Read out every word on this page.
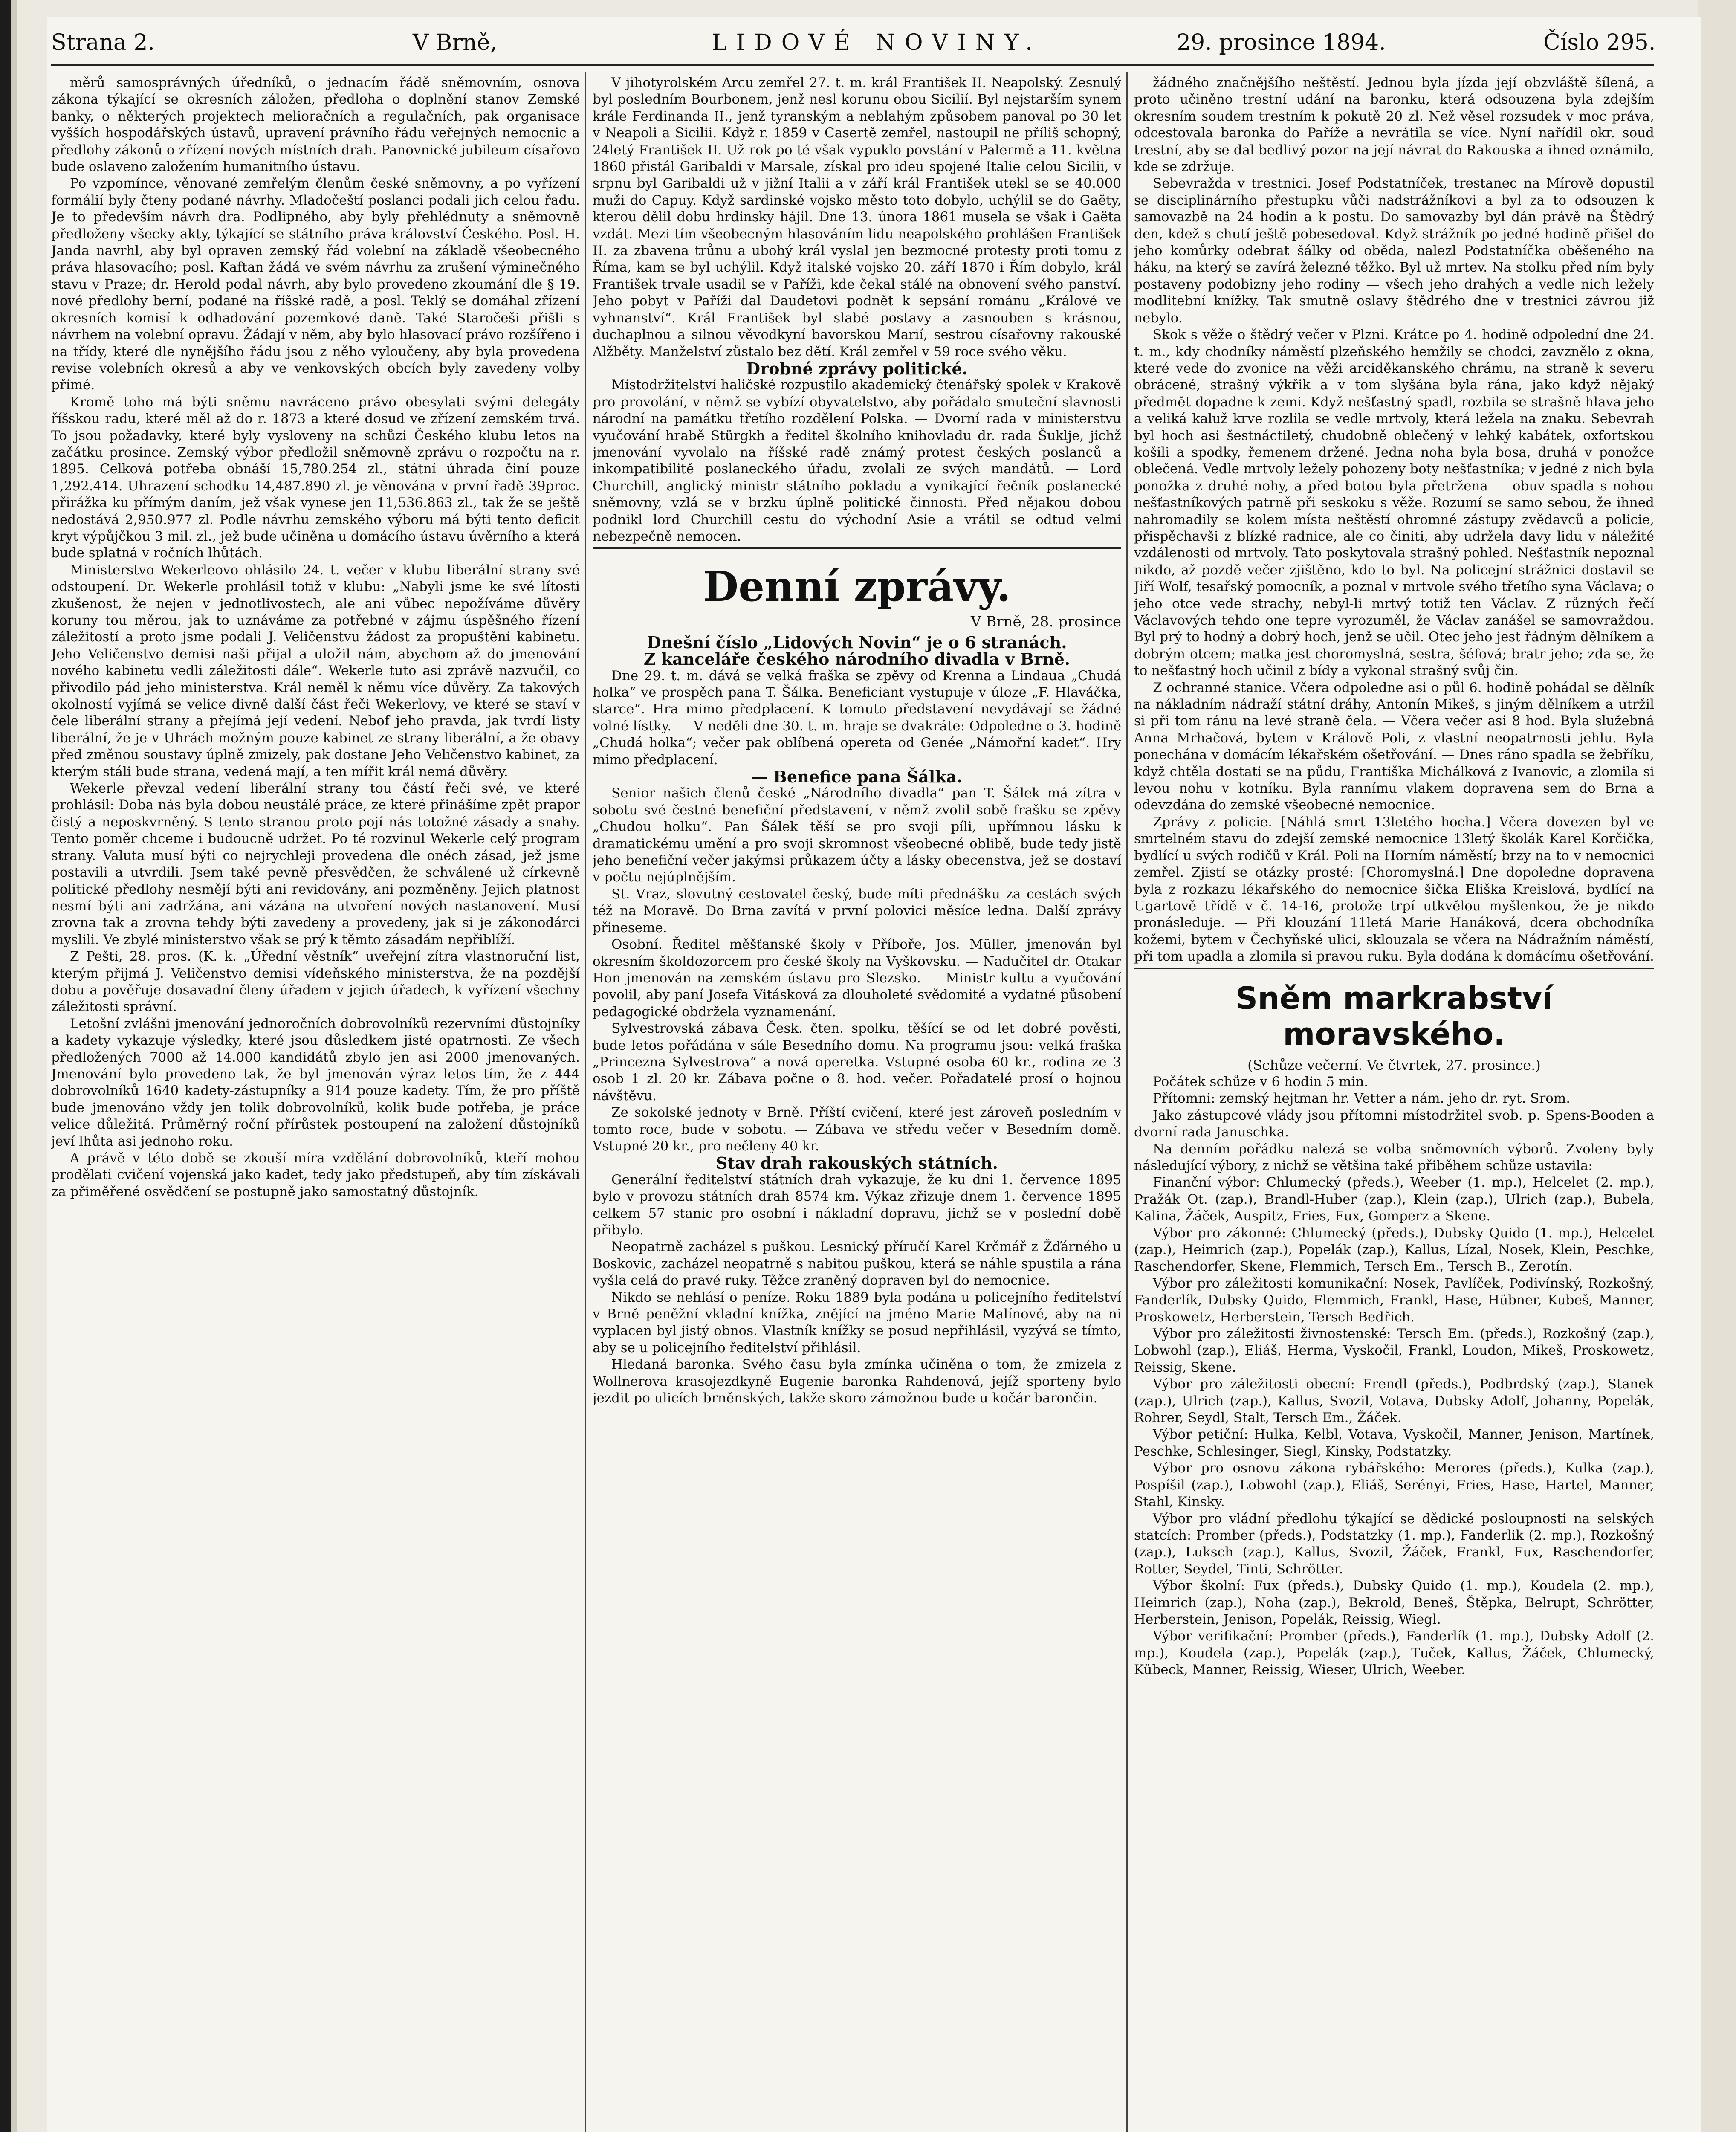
Strana 2.	V Brně,	LIDOVÉ NOVINY.	29. prosince 1894.	Číslo 295.

měrů samosprávných úředníků, o jednacím řádě sněmovním, osnova zákona týkající se okresních záložen, předloha o doplnění stanov Zemské banky, o některých projektech melioračních a regulačních, pak organisace vyšších hospodářských ústavů, upravení právního řádu veřejných nemocnic a předlohy zákonů o zřízení nových místních drah. Panovnické jubileum císařovo bude oslaveno založením humanitního ústavu.

Po vzpomínce, věnované zemřelým členům české sněmovny, a po vyřízení formálií byly čteny podané návrhy. Mladočeští poslanci podali jich celou řadu. Je to především návrh dra. Podlipného, aby byly přehlédnuty a sněmovně předloženy všecky akty, týkající se státního práva království Českého. Posl. H. Janda navrhl, aby byl opraven zemský řád volební na základě všeobecného práva hlasovacího; posl. Kaftan žádá ve svém návrhu za zrušení výminečného stavu v Praze; dr. Herold podal návrh, aby bylo provedeno zkoumání dle § 19. nové předlohy berní, podané na říšské radě, a posl. Teklý se domáhal zřízení okresních komisí k odhadování pozemkové daně. Také Staročeši přišli s návrhem na volební opravu. Žádají v něm, aby bylo hlasovací právo rozšířeno i na třídy, které dle nynějšího řádu jsou z něho vyloučeny, aby byla provedena revise volebních okresů a aby ve venkovských obcích byly zavedeny volby přímé.

Kromě toho má býti sněmu navráceno právo obesylati svými delegáty říšskou radu, které měl až do r. 1873 a které dosud ve zřízení zemském trvá. To jsou požadavky, které byly vysloveny na schůzi Českého klubu letos na začátku prosince. Zemský výbor předložil sněmovně zprávu o rozpočtu na r. 1895. Celková potřeba obnáší 15,780.254 zl., státní úhrada činí pouze 1,292.414. Uhrazení schodku 14,487.890 zl. je věnována v první řadě 39proc. přirážka ku přímým daním, jež však vynese jen 11,536.863 zl., tak že se ještě nedostává 2,950.977 zl. Podle návrhu zemského výboru má býti tento deficit kryt výpůjčkou 3 mil. zl., jež bude učiněna u domácího ústavu úvěrního a která bude splatná v ročních lhůtách.

Ministerstvo Wekerleovo ohlásilo 24. t. večer v klubu liberální strany své odstoupení. Dr. Wekerle prohlásil totiž v klubu: „Nabyli jsme ke své lítosti zkušenost, že nejen v jednotlivostech, ale ani vůbec nepožíváme důvěry koruny tou měrou, jak to uznáváme za potřebné v zájmu úspěšného řízení záležitostí a proto jsme podali J. Veličenstvu žádost za propuštění kabinetu. Jeho Veličenstvo demisi naši přijal a uložil nám, abychom až do jmenování nového kabinetu vedli záležitosti dále“. Wekerle tuto asi zprávě nazvučil, co přivodilo pád jeho ministerstva. Král neměl k němu více důvěry. Za takových okolností vyjímá se velice divně další část řeči Wekerlovy, ve které se staví v čele liberální strany a přejímá její vedení. Nebof jeho pravda, jak tvrdí listy liberální, že je v Uhrách možným pouze kabinet ze strany liberální, a že obavy před změnou soustavy úplně zmizely, pak dostane Jeho Veličenstvo kabinet, za kterým stáli bude strana, vedená mají, a ten mířit král nemá důvěry.

Wekerle převzal vedení liberální strany tou částí řeči své, ve které prohlásil: Doba nás byla dobou neustálé práce, ze které přinášíme zpět prapor čistý a neposkvrněný. S tento stranou proto pojí nás totožné zásady a snahy. Tento poměr chceme i budoucně udržet. Po té rozvinul Wekerle celý program strany. Valuta musí býti co nejrychleji provedena dle onéch zásad, jež jsme postavili a utvrdili. Jsem také pevně přesvědčen, že schválené už církevně politické předlohy nesmějí býti ani revidovány, ani pozměněny. Jejich platnost nesmí býti ani zadržána, ani vázána na utvoření nových nastanovení. Musí zrovna tak a zrovna tehdy býti zavedeny a provedeny, jak si je zákonodárci myslili. Ve zbylé ministerstvo však se prý k těmto zásadám nepřiblíží.

Z Pešti, 28. pros. (K. k. „Úřední věstník“ uveřejní zítra vlastnoruční list, kterým přijmá J. Veličenstvo demisi vídeňského ministerstva, že na pozdější dobu a pověřuje dosavadní členy úřadem v jejich úřadech, k vyřízení všechny záležitosti správní.

Letošní zvlášni jmenování jednoročních dobrovolníků rezervními důstojníky a kadety vykazuje výsledky, které jsou důsledkem jisté opatrnosti. Ze všech předložených 7000 až 14.000 kandidátů zbylo jen asi 2000 jmenovaných. Jmenování bylo provedeno tak, že byl jmenován výraz letos tím, že z 444 dobrovolníků 1640 kadety-zástupníky a 914 pouze kadety. Tím, že pro příště bude jmenováno vždy jen tolik dobrovolníků, kolik bude potřeba, je práce velice důležitá. Průměrný roční přírůstek postoupení na založení důstojníků jeví lhůta asi jednoho roku.

A právě v této době se zkouší míra vzdělání dobrovolníků, kteří mohou prodělati cvičení vojenská jako kadet, tedy jako předstupeň, aby tím získávali za přiměřené osvědčení se postupně jako samostatný důstojník.

V jihotyrolském Arcu zemřel 27. t. m. král František II. Neapolský. Zesnulý byl posledním Bourbonem, jenž nesl korunu obou Sicilií. Byl nejstarším synem krále Ferdinanda II., jenž tyranským a neblahým způsobem panoval po 30 let v Neapoli a Sicilii. Když r. 1859 v Casertě zemřel, nastoupil ne příliš schopný, 24letý František II. Už rok po té však vypuklo povstání v Palermě a 11. května 1860 přistál Garibaldi v Marsale, získal pro ideu spojené Italie celou Sicilii, v srpnu byl Garibaldi už v jižní Italii a v září král František utekl se se 40.000 muži do Capuy. Když sardinské vojsko město toto dobylo, uchýlil se do Gaëty, kterou dělil dobu hrdinsky hájil. Dne 13. února 1861 musela se však i Gaëta vzdát. Mezi tím všeobecným hlasováním lidu neapolského prohlášen František II. za zbavena trůnu a ubohý král vyslal jen bezmocné protesty proti tomu z Říma, kam se byl uchýlil. Když italské vojsko 20. září 1870 i Řím dobylo, král František trvale usadil se v Paříži, kde čekal stálé na obnovení svého panství. Jeho pobyt v Paříži dal Daudetovi podnět k sepsání románu „Králové ve vyhnanství“. Král František byl slabé postavy a zasnouben s krásnou, duchaplnou a silnou věvodkyní bavorskou Marií, sestrou císařovny rakouské Alžběty. Manželství zůstalo bez dětí. Král zemřel v 59 roce svého věku.

Drobné zprávy politické.

Místodržitelství haličské rozpustilo akademický čtenářský spolek v Krakově pro provolání, v němž se vybízí obyvatelstvo, aby pořádalo smuteční slavnosti národní na památku třetího rozdělení Polska. — Dvorní rada v ministerstvu vyučování hrabě Stürgkh a ředitel školního knihovladu dr. rada Šuklje, jichž jmenování vyvolalo na říšské radě známý protest českých poslanců a inkompatibilitě poslaneckého úřadu, zvolali ze svých mandátů. — Lord Churchill, anglický ministr státního pokladu a vynikající řečník poslanecké sněmovny, vzlá se v brzku úplně politické činnosti. Před nějakou dobou podnikl lord Churchill cestu do východní Asie a vrátil se odtud velmi nebezpečně nemocen.

Denní zprávy.
V Brně, 28. prosince

Dnešní číslo „Lidových Novin“ je o 6 stranách.

Z kanceláře českého národního divadla v Brně.

Dne 29. t. m. dává se velká fraška se zpěvy od Krenna a Lindaua „Chudá holka“ ve prospěch pana T. Šálka. Beneficiant vystupuje v úloze „F. Hlaváčka, starce“. Hra mimo předplacení. K tomuto představení nevydávají se žádné volné lístky. — V neděli dne 30. t. m. hraje se dvakráte: Odpoledne o 3. hodině „Chudá holka“; večer pak oblíbená opereta od Genée „Námořní kadet“. Hry mimo předplacení.

— Benefice pana Šálka.

Senior našich členů české „Národního divadla“ pan T. Šálek má zítra v sobotu své čestné benefiční představení, v němž zvolil sobě frašku se zpěvy „Chudou holku“. Pan Šálek těší se pro svoji píli, upřímnou lásku k dramatickému umění a pro svoji skromnost všeobecné oblibě, bude tedy jistě jeho benefiční večer jakýmsi průkazem účty a lásky obecenstva, jež se dostaví v počtu nejúplnějším.

St. Vraz, slovutný cestovatel český, bude míti přednášku za cestách svých též na Moravě. Do Brna zavítá v první polovici měsíce ledna. Další zprávy přineseme.

Osobní. Ředitel měšťanské školy v Příboře, Jos. Müller, jmenován byl okresním školdozorcem pro české školy na Vyškovsku. — Nadučitel dr. Otakar Hon jmenován na zemském ústavu pro Slezsko. — Ministr kultu a vyučování povolil, aby paní Josefa Vitásková za dlouholeté svědomité a vydatné působení pedagogické obdržela vyznamenání.

Sylvestrovská zábava Česk. čten. spolku, těšící se od let dobré pověsti, bude letos pořádána v sále Besedního domu. Na programu jsou: velká fraška „Princezna Sylvestrova“ a nová operetka. Vstupné osoba 60 kr., rodina ze 3 osob 1 zl. 20 kr. Zábava počne o 8. hod. večer. Pořadatelé prosí o hojnou návštěvu.

Ze sokolské jednoty v Brně. Příští cvičení, které jest zároveň posledním v tomto roce, bude v sobotu. — Zábava ve středu večer v Besedním domě. Vstupné 20 kr., pro nečleny 40 kr.

Stav drah rakouských státních.

Generální ředitelství státních drah vykazuje, že ku dni 1. července 1895 bylo v provozu státních drah 8574 km. Výkaz zřizuje dnem 1. července 1895 celkem 57 stanic pro osobní i nákladní dopravu, jichž se v poslední době přibylo.

Neopatrně zacházel s puškou. Lesnický příručí Karel Krčmář z Žďárného u Boskovic, zacházel neopatrně s nabitou puškou, která se náhle spustila a rána vyšla celá do pravé ruky. Těžce zraněný dopraven byl do nemocnice.

Nikdo se nehlásí o peníze. Roku 1889 byla podána u policejního ředitelství v Brně peněžní vkladní knížka, znějící na jméno Marie Malínové, aby na ni vyplacen byl jistý obnos. Vlastník knížky se posud nepřihlásil, vyzývá se tímto, aby se u policejního ředitelství přihlásil.

Hledaná baronka. Svého času byla zmínka učiněna o tom, že zmizela z Wollnerova krasojezdkyně Eugenie baronka Rahdenová, jejíž sporteny bylo jezdit po ulicích brněnských, takže skoro zámožnou bude u kočár barončin.

žádného značnějšího neštěstí. Jednou byla jízda její obzvláště šílená, a proto učiněno trestní udání na baronku, která odsouzena byla zdejším okresním soudem trestním k pokutě 20 zl. Než věsel rozsudek v moc práva, odcestovala baronka do Paříže a nevrátila se více. Nyní nařídil okr. soud trestní, aby se dal bedlivý pozor na její návrat do Rakouska a ihned oznámilo, kde se zdržuje.

Sebevražda v trestnici. Josef Podstatníček, trestanec na Mírově dopustil se disciplinárního přestupku vůči nadstrážníkovi a byl za to odsouzen k samovazbě na 24 hodin a k postu. Do samovazby byl dán právě na Štědrý den, kdež s chutí ještě pobesedoval. Když strážník po jedné hodině přišel do jeho komůrky odebrat šálky od oběda, nalezl Podstatníčka oběšeného na háku, na který se zavírá železné těžko. Byl už mrtev. Na stolku před ním byly postaveny podobizny jeho rodiny — všech jeho drahých a vedle nich ležely modlitební knížky. Tak smutně oslavy štědrého dne v trestnici závrou již nebylo.

Skok s věže o štědrý večer v Plzni. Krátce po 4. hodině odpolední dne 24. t. m., kdy chodníky náměstí plzeňského hemžily se chodci, zavznělo z okna, které vede do zvonice na věži arciděkanského chrámu, na straně k severu obrácené, strašný výkřik a v tom slyšána byla rána, jako když nějaký předmět dopadne k zemi. Když nešťastný spadl, rozbila se strašně hlava jeho a veliká kaluž krve rozlila se vedle mrtvoly, která ležela na znaku. Sebevrah byl hoch asi šestnáctiletý, chudobně oblečený v lehký kabátek, oxfortskou košili a spodky, řemenem držené. Jedna noha byla bosa, druhá v ponožce oblečená. Vedle mrtvoly ležely pohozeny boty nešťastníka; v jedné z nich byla ponožka z druhé nohy, a před botou byla přetržena — obuv spadla s nohou nešťastníkových patrně při seskoku s věže. Rozumí se samo sebou, že ihned nahromadily se kolem místa neštěstí ohromné zástupy zvědavců a policie, přispěchavši z blízké radnice, ale co činiti, aby udržela davy lidu v náležité vzdálenosti od mrtvoly. Tato poskytovala strašný pohled. Nešťastník nepoznal nikdo, až pozdě večer zjištěno, kdo to byl. Na policejní strážnici dostavil se Jiří Wolf, tesařský pomocník, a poznal v mrtvole svého třetího syna Václava; o jeho otce vede strachy, nebyl-li mrtvý totiž ten Václav. Z různých řečí Václavových tehdo one tepre vyrozuměl, že Václav zanášel se samovraždou. Byl prý to hodný a dobrý hoch, jenž se učil. Otec jeho jest řádným dělníkem a dobrým otcem; matka jest choromyslná, sestra, šéfová; bratr jeho; zda se, že to nešťastný hoch učinil z bídy a vykonal strašný svůj čin.

Z ochranné stanice. Včera odpoledne asi o půl 6. hodině pohádal se dělník na nákladním nádraží státní dráhy, Antonín Mikeš, s jiným dělníkem a utržil si při tom ránu na levé straně čela. — Včera večer asi 8 hod. Byla služebná Anna Mrhačová, bytem v Králově Poli, z vlastní neopatrnosti jehlu. Byla ponechána v domácím lékařském ošetřování. — Dnes ráno spadla se žebříku, když chtěla dostati se na půdu, Františka Michálková z Ivanovic, a zlomila si levou nohu v kotníku. Byla rannímu vlakem dopravena sem do Brna a odevzdána do zemské všeobecné nemocnice.

Zprávy z policie. [Náhlá smrt 13letého hocha.] Včera dovezen byl ve smrtelném stavu do zdejší zemské nemocnice 13letý školák Karel Korčička, bydlící u svých rodičů v Král. Poli na Horním náměstí; brzy na to v nemocnici zemřel. Zjistí se otázky prosté: [Choromyslná.] Dne dopoledne dopravena byla z rozkazu lékařského do nemocnice šička Eliška Kreislová, bydlící na Ugartově třídě v č. 14-16, protože trpí utkvělou myšlenkou, že je nikdo pronásleduje. — Při klouzání 11letá Marie Hanáková, dcera obchodníka kožemi, bytem v Čechyňské ulici, sklouzala se včera na Nádražním náměstí, při tom upadla a zlomila si pravou ruku. Byla dodána k domácímu ošetřování.

Sněm markrabství moravského.
(Schůze večerní. Ve čtvrtek, 27. prosince.)

Počátek schůze v 6 hodin 5 min.

Přítomni: zemský hejtman hr. Vetter a nám. jeho dr. ryt. Srom.

Jako zástupcové vlády jsou přítomni místodržitel svob. p. Spens-Booden a dvorní rada Januschka.

Na denním pořádku nalezá se volba sněmovních výborů. Zvoleny byly následující výbory, z nichž se většina také přiběhem schůze ustavila:

Finanční výbor: Chlumecký (předs.), Weeber (1. mp.), Helcelet (2. mp.), Pražák Ot. (zap.), Brandl-Huber (zap.), Klein (zap.), Ulrich (zap.), Bubela, Kalina, Žáček, Auspitz, Fries, Fux, Gomperz a Skene.

Výbor pro zákonné: Chlumecký (předs.), Dubsky Quido (1. mp.), Helcelet (zap.), Heimrich (zap.), Popelák (zap.), Kallus, Lízal, Nosek, Klein, Peschke, Raschendorfer, Skene, Flemmich, Tersch Em., Tersch B., Zerotín.

Výbor pro záležitosti komunikační: Nosek, Pavlíček, Podivínský, Rozkošný, Fanderlík, Dubsky Quido, Flemmich, Frankl, Hase, Hübner, Kubeš, Manner, Proskowetz, Herberstein, Tersch Bedřich.

Výbor pro záležitosti živnostenské: Tersch Em. (předs.), Rozkošný (zap.), Lobwohl (zap.), Eliáš, Herma, Vyskočil, Frankl, Loudon, Mikeš, Proskowetz, Reissig, Skene.

Výbor pro záležitosti obecní: Frendl (předs.), Podbrdský (zap.), Stanek (zap.), Ulrich (zap.), Kallus, Svozil, Votava, Dubsky Adolf, Johanny, Popelák, Rohrer, Seydl, Stalt, Tersch Em., Žáček.

Výbor petiční: Hulka, Kelbl, Votava, Vyskočil, Manner, Jenison, Martínek, Peschke, Schlesinger, Siegl, Kinsky, Podstatzky.

Výbor pro osnovu zákona rybářského: Merores (předs.), Kulka (zap.), Pospíšil (zap.), Lobwohl (zap.), Eliáš, Serényi, Fries, Hase, Hartel, Manner, Stahl, Kinsky.

Výbor pro vládní předlohu týkající se dědické posloupnosti na selských statcích: Promber (předs.), Podstatzky (1. mp.), Fanderlik (2. mp.), Rozkošný (zap.), Luksch (zap.), Kallus, Svozil, Žáček, Frankl, Fux, Raschendorfer, Rotter, Seydel, Tinti, Schrötter.

Výbor školní: Fux (předs.), Dubsky Quido (1. mp.), Koudela (2. mp.), Heimrich (zap.), Noha (zap.), Bekrold, Beneš, Štěpka, Belrupt, Schrötter, Herberstein, Jenison, Popelák, Reissig, Wiegl.

Výbor verifikační: Promber (předs.), Fanderlík (1. mp.), Dubsky Adolf (2. mp.), Koudela (zap.), Popelák (zap.), Tuček, Kallus, Žáček, Chlumecký, Kübeck, Manner, Reissig, Wieser, Ulrich, Weeber.
